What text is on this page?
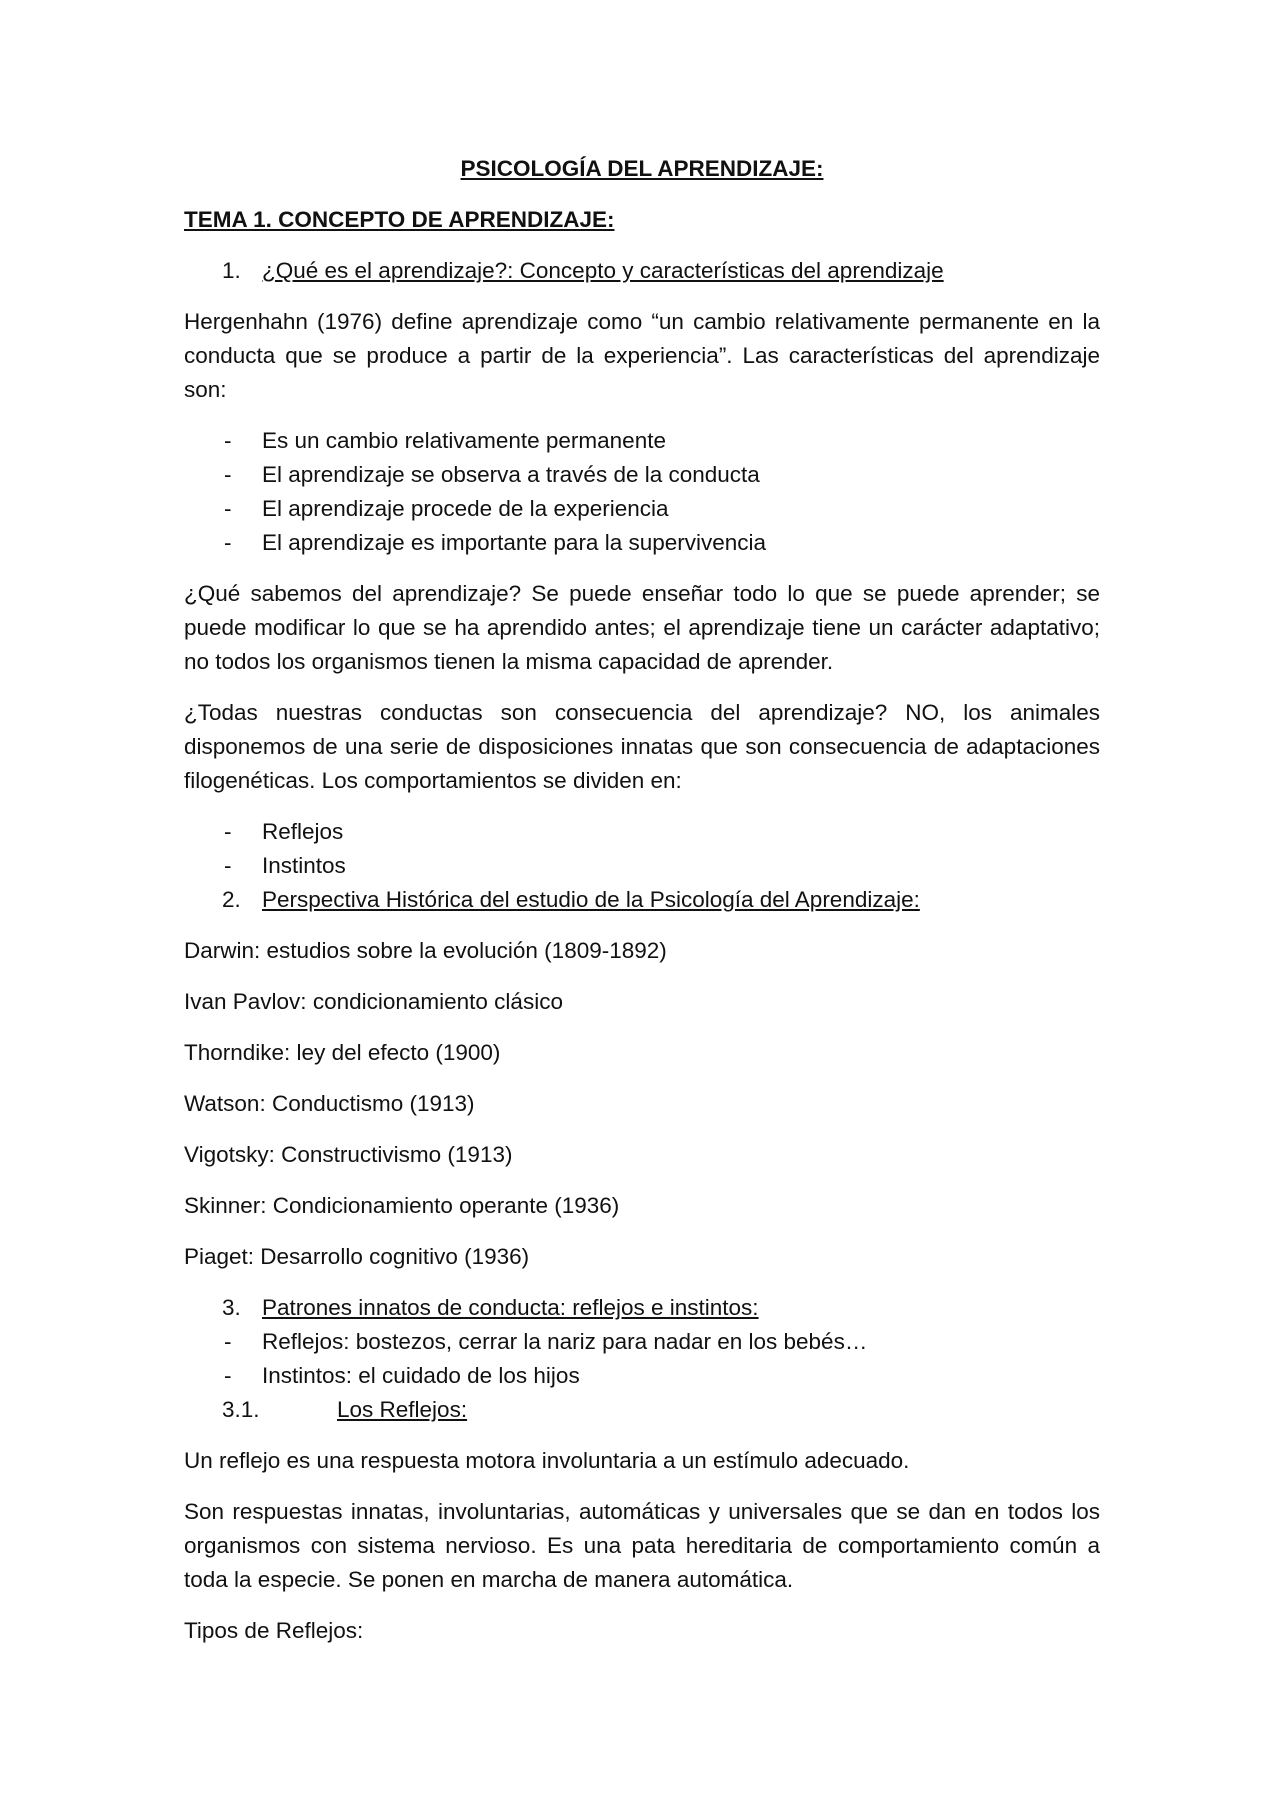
PSICOLOGÍA DEL APRENDIZAJE:
TEMA 1. CONCEPTO DE APRENDIZAJE:
1. ¿Qué es el aprendizaje?: Concepto y características del aprendizaje

Hergenhahn (1976) define aprendizaje como “un cambio relativamente permanente en la conducta que se produce a partir de la experiencia”. Las características del aprendizaje son:

-	Es un cambio relativamente permanente
-	El aprendizaje se observa a través de la conducta
-	El aprendizaje procede de la experiencia
-	El aprendizaje es importante para la supervivencia

¿Qué sabemos del aprendizaje? Se puede enseñar todo lo que se puede aprender; se puede modificar lo que se ha aprendido antes; el aprendizaje tiene un carácter adaptativo; no todos los organismos tienen la misma capacidad de aprender.

¿Todas nuestras conductas son consecuencia del aprendizaje? NO, los animales disponemos de una serie de disposiciones innatas que son consecuencia de adaptaciones filogenéticas. Los comportamientos se dividen en:

-	Reflejos
-	Instintos
2. Perspectiva Histórica del estudio de la Psicología del Aprendizaje:

Darwin: estudios sobre la evolución (1809-1892)

Ivan Pavlov: condicionamiento clásico

Thorndike: ley del efecto (1900)

Watson: Conductismo (1913)

Vigotsky: Constructivismo (1913)

Skinner: Condicionamiento operante (1936)

Piaget: Desarrollo cognitivo (1936)

3. Patrones innatos de conducta: reflejos e instintos:
-	Reflejos: bostezos, cerrar la nariz para nadar en los bebés…
-	Instintos: el cuidado de los hijos
3.1.	Los Reflejos:

Un reflejo es una respuesta motora involuntaria a un estímulo adecuado.

Son respuestas innatas, involuntarias, automáticas y universales que se dan en todos los organismos con sistema nervioso. Es una pata hereditaria de comportamiento común a toda la especie. Se ponen en marcha de manera automática.

Tipos de Reflejos:
